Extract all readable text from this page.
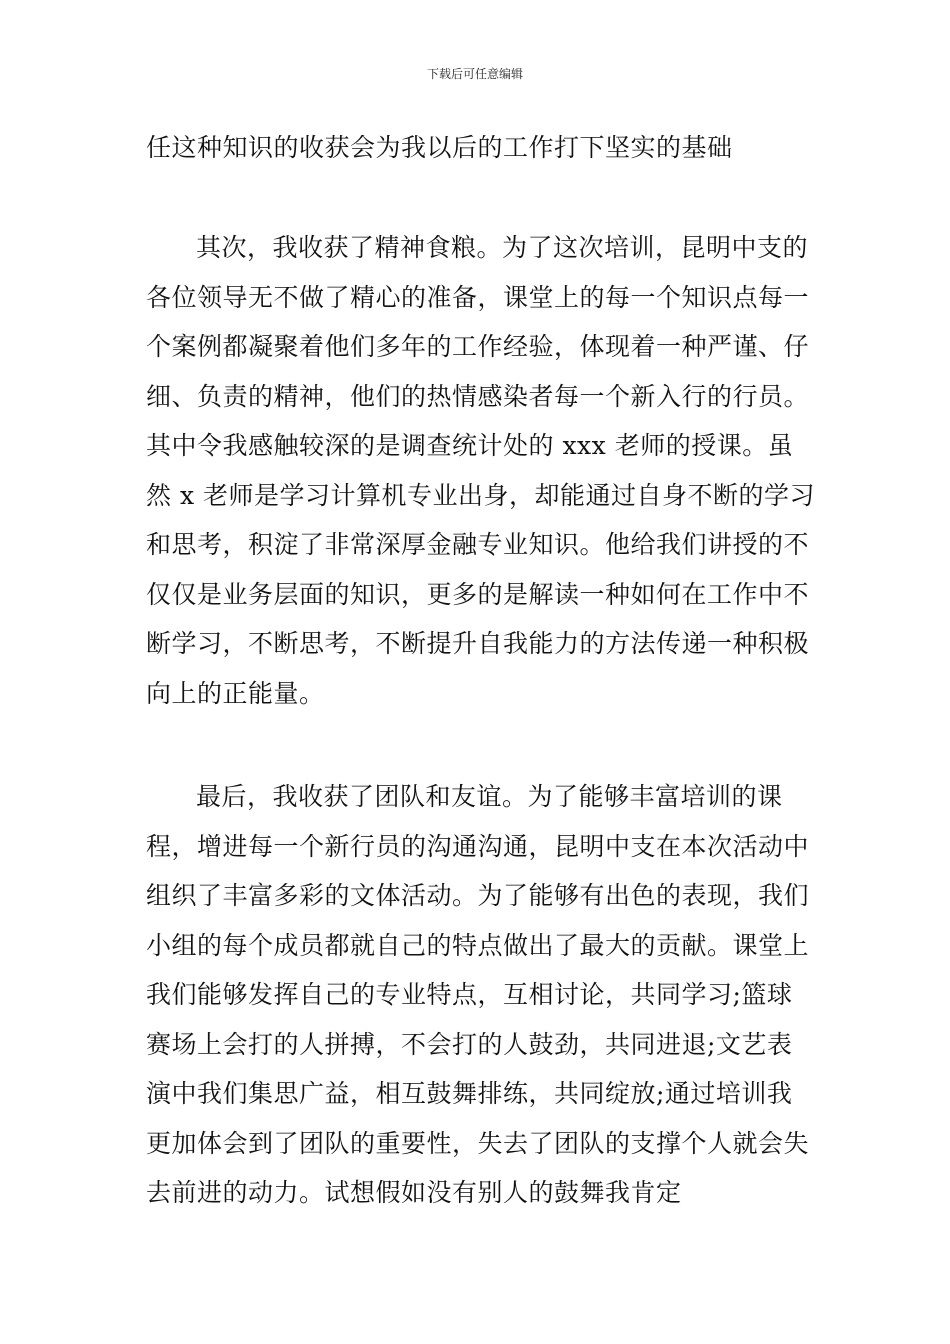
下载后可任意编辑
任这种知识的收获会为我以后的工作打下坚实的基础

其次，我收获了精神食粮。为了这次培训，昆明中支的各位领导无不做了精心的准备，课堂上的每一个知识点每一个案例都凝聚着他们多年的工作经验，体现着一种严谨、仔细、负责的精神，他们的热情感染者每一个新入行的行员。其中令我感触较深的是调查统计处的 xxx 老师的授课。虽然 x 老师是学习计算机专业出身，却能通过自身不断的学习和思考，积淀了非常深厚金融专业知识。他给我们讲授的不仅仅是业务层面的知识，更多的是解读一种如何在工作中不断学习，不断思考，不断提升自我能力的方法传递一种积极向上的正能量。

最后，我收获了团队和友谊。为了能够丰富培训的课程，增进每一个新行员的沟通沟通，昆明中支在本次活动中组织了丰富多彩的文体活动。为了能够有出色的表现，我们小组的每个成员都就自己的特点做出了最大的贡献。课堂上我们能够发挥自己的专业特点，互相讨论，共同学习;篮球赛场上会打的人拼搏，不会打的人鼓劲，共同进退;文艺表演中我们集思广益，相互鼓舞排练，共同绽放;通过培训我更加体会到了团队的重要性，失去了团队的支撑个人就会失去前进的动力。试想假如没有别人的鼓舞我肯定
